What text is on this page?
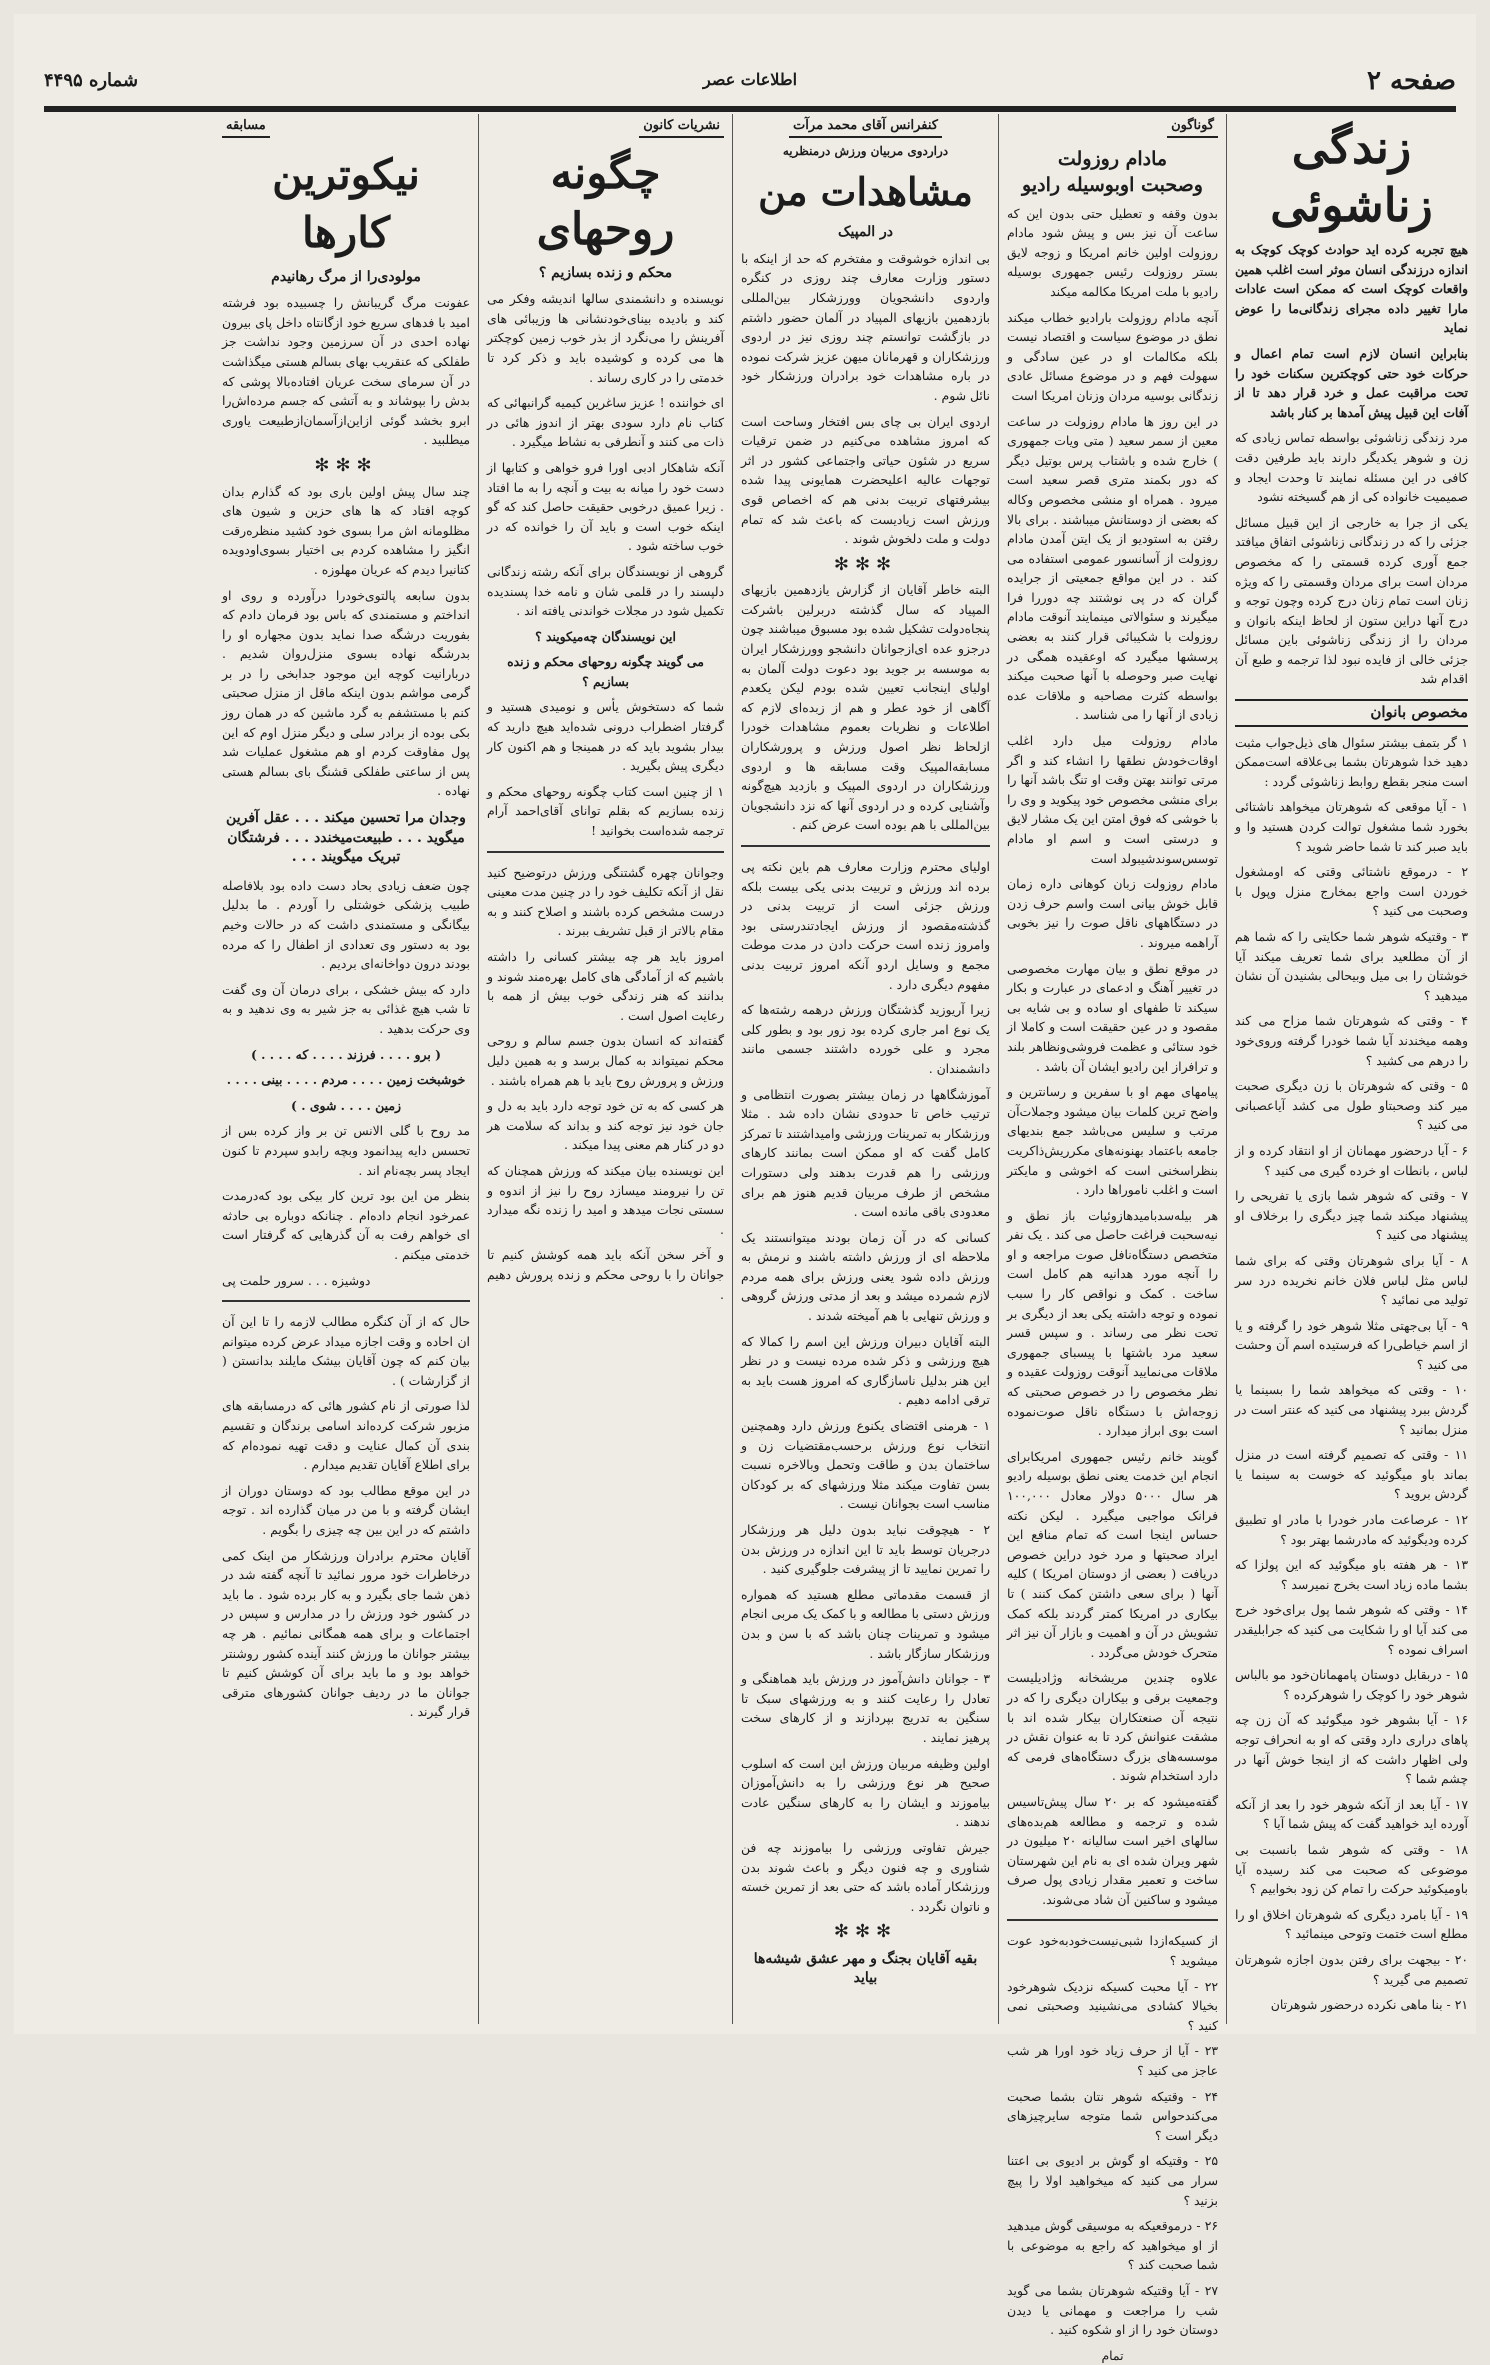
صفحه ۲
اطلاعات عصر
شماره ۴۴۹۵
زندگی زناشوئی

هیچ تجربه کرده اید حوادث کوچک کوچک به اندازه درزندگی انسان موثر است اغلب همین واقعات کوچک است که ممکن است عادات مارا تغییر داده مجرای زندگانی‌ما را عوض نماید

بنابراین انسان لازم است تمام اعمال و حرکات خود حتی کوچکترین سکنات خود را تحت مراقبت عمل و خرد قرار دهد تا از آفات این قبیل پیش آمدها بر کنار باشد

مرد زندگی زناشوئی بواسطه تماس زیادی که زن و شوهر یکدیگر دارند باید طرفین دقت کافی در این مسئله نمایند تا وحدت ایجاد و صمیمیت خانواده کی از هم گسیخته نشود

یکی از جرا به خارجی از این قبیل مسائل جزئی را که در زندگانی زناشوئی اتفاق میافتد جمع آوری کرده قسمتی را که مخصوص مردان است برای مردان وقسمتی را که ویژه زنان است تمام زنان درج کرده وچون توجه و درج آنها دراین ستون از لحاظ اینکه بانوان و مردان را از زندگی زناشوئی باین مسائل جزئی خالی از فایده نبود لذا ترجمه و طبع آن اقدام شد

مخصوص بانوان

۱ گر بتمف بیشتر سئوال های ذیل‌جواب مثبت دهید خدا شوهرتان بشما بی‌علاقه است‌ممکن است منجر بقطع روابط زناشوئی گردد :

۱ - آیا موقعی که شوهرتان میخواهد ناشتائی بخورد شما مشغول توالت کردن هستید وا و باید صبر کند تا شما حاضر شوید ؟

۲ - درموقع ناشتائی وقتی که اومشغول خوردن است واجع بمخارج منزل وپول با وصحبت می کنید ؟

۳ - وقتیکه شوهر شما حکایتی را که شما هم از آن مطلعید برای شما تعریف میکند آیا خوشتان را بی میل وبیحالی بشنیدن آن نشان میدهید ؟

۴ - وقتی که شوهرتان شما مزاح می کند وهمه میخندند آیا شما خودرا گرفته وروی‌خود را درهم می کشید ؟

۵ - وقتی که شوهرتان با زن دیگری صحبت میر کند وصحبتاو طول می کشد آیاعصبانی می کنید ؟

۶ - آیا درحضور مهمانان از او انتقاد کرده و از لباس ، بانطات او خرده گیری می کنید ؟

۷ - وقتی که شوهر شما بازی یا تفریحی را پیشنهاد میکند شما چیز دیگری را برخلاف او پیشنهاد می کنید ؟

۸ - آیا برای شوهرتان وقتی که برای شما لباس مثل لباس فلان خانم نخریده درد سر تولید می نمائید ؟

۹ - آیا بی‌جهتی مثلا شوهر خود را گرفته و یا از اسم خیاطی‌را که فرستیده اسم آن وحشت می کنید ؟

۱۰ - وقتی که میخواهد شما را بسینما یا گردش ببرد پیشنهاد می کنید که عنتر است در منزل بمانید ؟

۱۱ - وقتی که تصمیم گرفته است در منزل بماند باو میگوئید که خوست به سینما یا گردش بروید ؟

۱۲ - عرصاعت مادر خودرا با مادر او تطبیق کرده ودیگوئید که مادرشما بهتر بود ؟

۱۳ - هر هفته باو میگوئید که این پولزا که بشما ماده زیاد است بخرج نمیرسد ؟

۱۴ - وقتی که شوهر شما پول برای‌خود خرج می کند آیا او را شکایت می کنید که جرابلیقدر اسراف نموده ؟

۱۵ - دربقابل دوستان پامهمانان‌خود مو بالباس شوهر خود را کوچک را شوهرکرده ؟

۱۶ - آیا بشوهر خود میگوئید که آن زن چه پاهای دراری دارد وقتی که او به انحراف توجه ولی اظهار داشت که از اینجا خوش آنها در چشم شما ؟

۱۷ - آیا بعد از آنکه شوهر خود را بعد از آنکه آورده اید خواهید گفت که پیش شما آیا ؟

۱۸ - وقتی که شوهر شما بانسبت بی موضوعی که صحبت می کند رسیده آیا باومیکوئید حرکت را تمام کن زود بخوابیم ؟

۱۹ - آیا بامرد دیگری که شوهرتان اخلاق او را مطلع است ختمت وتوحی مینمائید ؟

۲۰ - بیجهت برای رفتن بدون اجازه شوهرتان تصمیم می گیرید ؟

۲۱ - بنا ماهی نکرده درحضور شوهرتان

گوناگون
مادام روزولت
وصحبت اوبوسیله رادیو

بدون وقفه و تعطیل حتی بدون این که ساعت آن نیز بس و پیش شود مادام روزولت اولین خانم امریکا و زوجه لایق بستر روزولت رئیس جمهوری بوسیله رادیو با ملت امریکا مکالمه میکند

آنچه مادام روزولت بارادیو خطاب میکند نطق در موضوع سیاست و اقتصاد نیست بلکه مکالمات او در عین سادگی و سهولت فهم و در موضوع مسائل عادی زندگانی بوسیه مردان وزنان امریکا است

در این روز ها مادام روزولت در ساعت معین از سمر سعید ( متی ویات جمهوری ) خارج شده و باشتاب پرس بوتیل دیگر که دور بکمند متری قصر سعید است میرود . همراه او منشی مخصوص وکاله که بعضی از دوستانش میباشند . برای بالا رفتن به استودیو از یک ایتن آمدن مادام روزولت از آسانسور عمومی استفاده می کند . در این مواقع جمعیتی از جرایده گران که در پی نوشتند چه دوررا فرا میگیرند و سئوالاتی مینمایند آنوقت مادام روزولت با شکیبائی قرار کنند به بعضی پرسشها میگیرد که اوعقیده همگی در نهایت صبر وحوصله با آنها صحبت میکند بواسطه کثرت مصاحبه و ملاقات عده زیادی از آنها را می شناسد .

مادام روزولت میل دارد اغلب اوقات‌خودش نطقها را انشاء کند و اگر مرتی توانند بهتن وقت او تنگ باشد آنها را برای منشی مخصوص خود پیکوید و وی را با خوشی که فوق امتن این یک مشار لایق و درستی است و اسم او مادام توسس‌سوندشیبولد است

مادام روزولت زبان کوهانی داره زمان قابل خوش بیانی است واسم حرف زدن در دستگاههای ناقل صوت را نیز بخوبی آراهمه میروند .

در موقع نطق و بیان مهارت مخصوصی در تغییر آهنگ و ادعمای در عبارت و بکار سیکند تا طفهای او ساده و بی شایه بی مقصود و در عین حقیقت است و کاملا از خود ستائی و عظمت فروشی‌ونظاهر بلند و ترافراز این رادیو ایشان آن باشد .

پیامهای مهم او با سفرین و رسانترین و واضح ترین کلمات بیان میشود وجملات‌آن مرتب و سلیس می‌باشد جمع بندیهای جامعه باعتماد بهنونه‌های مکرریش‌ذاکریت بنظراسخنی است که اخوشی و مایکتر است و اغلب ناموراها دارد .

هر بیله‌سدبامیدها‌زوئیات باز نطق و نیه‌سحبت فراغت حاصل می کند . یک نفر متخصص دستگاه‌نافل صوت مراجعه و او را آنچه مورد هدانیه هم کامل است ساخت . کمک و نواقص کار را سبب نموده و توجه داشته یکی بعد از دیگری بر تحت نظر می رساند . و سپس قسر سعید مرد باشتها با پیسبای جمهوری ملاقات می‌نمایید آنوقت روزولت عقیده و نظر مخصوص را در خصوص صحبتی که زوجه‌اش با دستگاه ناقل صوت‌نموده است بوی ابراز میدارد .

گویند خانم رئیس جمهوری امریکابرای انجام این خدمت یعنی نطق بوسیله رادیو هر سال ۵۰۰۰ دولار معادل ۱۰۰,۰۰۰ فرانک مواجبی میگیرد . لیکن نکته حساس اینجا است که تمام منافع این ایراد صحبتها و مرد خود دراین خصوص دریافت ( بعضی از دوستان امریکا ) کلیه آنها ( برای سعی داشتن کمک کنند ) تا بیکاری در امریکا کمتر گردند بلکه کمک تشویش در آن و اهمیت و بازار آن نیز اثر متحرک خودش می‌گردد .

علاوه چندین مریشخانه وژادیلیست وجمعیت برقی و بیکاران دیگری را که در نتیجه آن صنعتکاران بیکار شده اند با مشقت عنوانش کرد تا به عنوان نقش در موسسه‌های بزرگ دستگاه‌های فرمی که دارد استخدام شوند .

گفته‌میشود که بر ۲۰ سال پیش‌تاسیس شده و ترجمه و مطالعه هم‌بده‌های سالهای اخیر است سالیانه ۲۰ میلیون در شهر ویران شده ای به نام این شهرستان ساخت و تعمیر مقدار زیادی پول صرف میشود و ساکنین آن شاد می‌شوند.

از کسیکه‌ازدا شبی‌نیست‌خودبه‌خود عوت میشوید ؟

۲۲ - آیا محبت کسیکه نزدیک شوهرخود بخیالا کشادی می‌نشینید وصحبتی نمی کنید ؟

۲۳ - آیا از حرف زیاد خود اورا هر شب عاجز می کنید ؟

۲۴ - وقتیکه شوهر نتان بشما صحبت می‌کندحواس شما متوجه سایرچیزهای دیگر است ؟

۲۵ - وقتیکه او گوش بر ادیوی بی اعتنا سرار می کنید که میخواهید اولا را پیچ بزنید ؟

۲۶ - درموقعیکه به موسیقی گوش‌ میدهید از او میخواهید که راجع به موضوعی با شما صحبت کند ؟

۲۷ - آیا وقتیکه شوهرتان بشما می گوید شب را مراجعت و مهمانی یا دیدن دوستان خود را از او شکوه کنید .

تمام

کنفرانس آقای محمد مرآت
دراردوی مربیان ورزش درمنظریه
مشاهدات من
در المپیک

بی اندازه خوشوقت و مفتخرم که حد از اینکه با دستور وزارت معارف چند روزی در کنگره واردوی دانشجویان وورزشکار بین‌المللی بازدهمین بازیهای المپیاد در آلمان حضور داشتم در بازگشت توانستم چند روزی نیز در اردوی ورزشکاران و قهرمانان میهن عزیز شرکت نموده در باره مشاهدات خود برادران ورزشکار خود نائل شوم .

اردوی ایران بی چای بس افتخار وساحت است که امروز مشاهده می‌کنیم در ضمن ترقیات سریع در شئون حیاتی واجتماعی کشور در اثر توجهات عالیه اعلیحضرت همایونی پیدا شده بیشرفتهای تربیت بدنی هم که اخصاص قوی ورزش است زیادیست که باعث شد که تمام دولت و ملت دلخوش شوند .

✻✻✻

البته خاطر آقایان از گزارش یازدهمین بازیهای المپیاد که سال گذشته دربرلین باشرکت پنجاه‌دولت تشکیل شده بود مسبوق میباشند چون درجزو عده ای‌ازجوانان دانشجو وورزشکار ایران به موسسه بر جوید بود دعوت دولت آلمان به اولیای اینجانب تعیین شده بودم لیکن یکعدم آگاهی از خود عطر و هم از زبده‌ای لازم که اطلاعات و نظریات بعموم مشاهدات خودرا ازلحاظ نظر اصول ورزش و پرورشکاران مسابقه‌المپیک وقت مسابقه ها و اردوی ورزشکاران در اردوی المپیک و بازدید هیچ‌گونه وآشنایی کرده و در اردوی آنها که نزد دانشجویان بین‌المللی با هم بوده است عرض کنم .

اولیای محترم وزارت معارف هم باین نکته پی برده اند ورزش و تربیت بدنی یکی بیست بلکه ورزش جزئی است از تربیت بدنی در گذشته‌مقصود از ورزش ایجادتندرستی بود وامروز زنده است حرکت دادن در مدت موطت مجمع و وسایل اردو آنکه امروز تربیت بدنی مفهوم دیگری دارد .

زیرا آریوزید گذشتگان ورزش درهمه رشته‌ها که یک نوع امر جاری کرده بود زور بود و بطور کلی مجرد و علی خورده داشتند جسمی مانند دانشمندان .

آموزشگاهها در زمان بیشتر بصورت انتظامی و ترتیب خاص تا حدودی نشان داده شد . مثلا ورزشکار به تمرینات ورزشی وامیداشتند تا تمرکز کامل گفت که او ممکن است بمانند کارهای ورزشی را هم قدرت بدهند ولی دستورات مشخص از طرف مربیان قدیم هنوز هم برای معدودی باقی مانده است .

کسانی که در آن زمان بودند میتوانستند یک ملاحظه ای از ورزش داشته باشند و نرمش به ورزش داده شود یعنی ورزش برای همه مردم لازم شمرده میشد و بعد از مدتی ورزش گروهی و ورزش تنهایی با هم آمیخته شدند .

البته آقایان دبیران ورزش این اسم را کمالا که هیچ ورزشی و ذکر شده مرده نیست و در نظر این هنر بدلیل ناسازگاری که امروز هست باید به ترقی ادامه دهیم .

۱ - هرمنی اقتضای یکنوع ورزش دارد وهمچنین انتخاب نوع ورزش برحسب‌مقتضیات زن و ساختمان بدن و طاقت وتحمل وبالاخره نسبت بسن تفاوت میکند مثلا ورزشهای که بر کودکان مناسب است بجوانان نیست .

۲ - هیچوقت نباید بدون دلیل هر ورزشکار درجریان توسط باید تا این اندازه در ورزش بدن را تمرین نمایید تا از پیشرفت جلوگیری کنید .

از قسمت مقدماتی مطلع هستید که همواره ورزش دستی با مطالعه و با کمک یک مربی انجام میشود و تمرینات چنان باشد که با سن و بدن ورزشکار سازگار باشد .

۳ - جوانان دانش‌آموز در ورزش باید هماهنگی و تعادل را رعایت کنند و به ورزشهای سبک تا سنگین به تدریج بپردازند و از کارهای سخت پرهیز نمایند .

اولین وظیفه مربیان ورزش این است که اسلوب صحیح هر نوع ورزشی را به دانش‌آموزان بیاموزند و ایشان را به کارهای سنگین عادت ندهند .

جیرش تفاوتی ورزشی را بیاموزند چه فن شناوری و چه فنون دیگر و باعث شوند بدن ورزشکار آماده باشد که حتی بعد از تمرین خسته و ناتوان نگردد .

✻✻✻

بقیه آقایان بجنگ و مهر عشق شیشه‌ها بیاید

نشریات کانون
چگونه روحهای
محکم و زنده بسازیم ؟

نویسنده و دانشمندی سالها اندیشه وفکر می کند و بادیده بینای‌خودنشانی ها وزیبائی های آفرینش را می‌نگرد از بذر خوب زمین کوچکتر ها می کرده و کوشیده باید و ذکر کرد تا خدمتی را در کاری رساند .

ای خواننده ! عزیز ساغرین کیمیه گرانبهائی که کتاب نام دارد سودی بهتر از اندوز هائی در ذات می کنند و آنطرفی به نشاط میگیرد .

آنکه شاهکار ادبی اورا فرو خواهی و کتابها از دست خود را میانه به بیت و آنچه را به ما افتاد . زیرا عمیق درخوبی حقیقت حاصل کند که گو اینکه خوب است و باید آن را خوانده که در خوب ساخته شود .

گروهی از نویسندگان برای آنکه رشته زندگانی دلپسند را در قلمی شان و نامه خدا پسندیده تکمیل شود در مجلات خواندنی یافته اند .

این نویسندگان چه‌میکویند ؟

می گویند چگونه روحهای محکم و زنده بسازیم ؟

شما که دستخوش یأس و نومیدی هستید و گرفتار اضطراب درونی شده‌اید هیچ دارید که بیدار بشوید باید که در همینجا و هم اکنون کار دیگری پیش بگیرید .

۱ از چنین است کتاب چگونه روحهای محکم و زنده بسازیم که بقلم توانای آقای‌احمد آرام ترجمه شده‌است بخوانید !

وجوانان چهره گشتنگی ورزش درتوضیح کنید نقل از آنکه تکلیف خود را در چنین مدت معینی درست مشخص کرده باشند و اصلاح کنند و به مقام بالاتر از قبل تشریف ببرند .

امروز باید هر چه بیشتر کسانی را داشته باشیم که از آمادگی های کامل بهره‌مند شوند و بدانند که هنر زندگی خوب بیش از همه با رعایت اصول است .

گفته‌اند که انسان بدون جسم سالم و روحی محکم نمیتواند به کمال برسد و به همین دلیل ورزش و پرورش روح باید با هم همراه باشند .

هر کسی که به تن خود توجه دارد باید به دل و جان خود نیز توجه کند و بداند که سلامت هر دو در کنار هم معنی پیدا میکند .

این نویسنده بیان میکند که ورزش همچنان که تن را نیرومند میسازد روح را نیز از اندوه و سستی نجات میدهد و امید را زنده نگه میدارد .

و آخر سخن آنکه باید همه کوشش کنیم تا جوانان را با روحی محکم و زنده پرورش دهیم .

مسابقه
نیکوترین کارها
مولودی‌را از مرگ رهانیدم

عفونت مرگ گریبانش را چسبیده بود فرشته امید با فدهای سریع خود ازگانتاه داخل پای بیرون نهاده احدی در آن سرزمین وجود نداشت جز طفلکی که عنقریب بهای بسالم هستی میگذاشت در آن سرمای سخت عریان افتاده‌بالا پوشی که بدش را بپوشاند و به آتشی که جسم مرده‌اش‌را ابرو بخشد گوئی ازاین‌ازآسمان‌ازطبیعت یاوری میطلبید .

✻✻✻

چند سال پیش اولین باری بود که گذارم بدان کوچه افتاد که ها های حزین و شیون های مظلومانه اش مرا بسوی خود کشید منظره‌رقت انگیز را مشاهده کردم بی اختیار بسوی‌اودویده کتانیرا دیدم که عریان مهلوزه .

بدون سابعه پالتوی‌خودرا درآورده و روی او انداختم و مستمندی که باس بود فرمان دادم که بفوریت درشگه صدا نماید بدون مجهاره او را بدرشگه نهاده بسوی منزل‌روان شدیم . دربارانیت کوچه این موجود جدابخی را در بر گرمی مواشم بدون اینکه ماقل از منزل صحبتی کنم با مستشفم به گرد ماشین که در همان روز بکی بوده از برادر سلی و دیگر منزل اوم که این پول مفاوقت کردم او هم مشغول عملیات شد پس از ساعتی طفلکی قشنگ بای بسالم هستی نهاده .

وجدان مرا تحسین میکند . . . عقل آفرین میگوید . . . طبیعت‌میخندد . . . فرشتگان تبریک میگویند . . .

چون ضعف زیادی بحاد دست داده بود بلافاصله طبیب پزشکی خوشتلی را آوردم . ما بدلیل بیگانگی و مستمندی داشت که در حالات وخیم بود به دستور وی تعدادی از اطفال را که مرده بودند درون دواخانه‌ای بردیم .

دارد که بیش خشکی ، برای درمان آن وی گفت تا شب هیچ غذائی به جز شیر به وی ندهید و به وی حرکت بدهید .

( برو . . . . فرزند . . . . که . . . . )

خوشبخت زمین . . . . مردم . . . . بینی . . . .

زمین . . . . شوی . )

مد روح با گلی الانس تن بر واز کرده بس از تحسس دایه پیدانمود وبچه رابدو سپردم تا کنون ایجاد پسر بچه‌نام اند .

بنظر من این بود ترین کار بیکی بود که‌درمدت عمرخود انجام داده‌ام . چنانکه دوباره بی حادثه ای خواهم رفت به آن گذرهایی که گرفتار است خدمتی میکنم .

دوشیزه . . . سرور حلمت پی

حال که از آن کنگره مطالب لازمه را تا این آن ان احاده و وقت اجازه میداد عرض کرده میتوانم بیان کنم که چون آقایان بیشک مایلند بدانستن ( از گزارشات ) .

لذا صورتی از نام کشور هائی که درمسابقه های مزبور شرکت کرده‌اند اسامی برندگان و تقسیم بندی آن کمال عنایت و دقت تهیه نموده‌ام که برای اطلاع آقایان تقدیم میدارم .

در این موقع مطالب بود که دوستان دوران از ایشان گرفته و با من در میان گذارده اند . توجه داشتم که در این بین چه چیزی را بگویم .

آقایان محترم برادران ورزشکار من اینک کمی درخاطرات خود مرور نمائید تا آنچه گفته شد در ذهن شما جای بگیرد و به کار برده شود . ما باید در کشور خود ورزش را در مدارس و سپس در اجتماعات و برای همه همگانی نمائیم . هر چه بیشتر جوانان ما ورزش کنند آینده کشور روشنتر خواهد بود و ما باید برای آن کوشش کنیم تا جوانان ما در ردیف جوانان کشورهای مترقی قرار گیرند .
